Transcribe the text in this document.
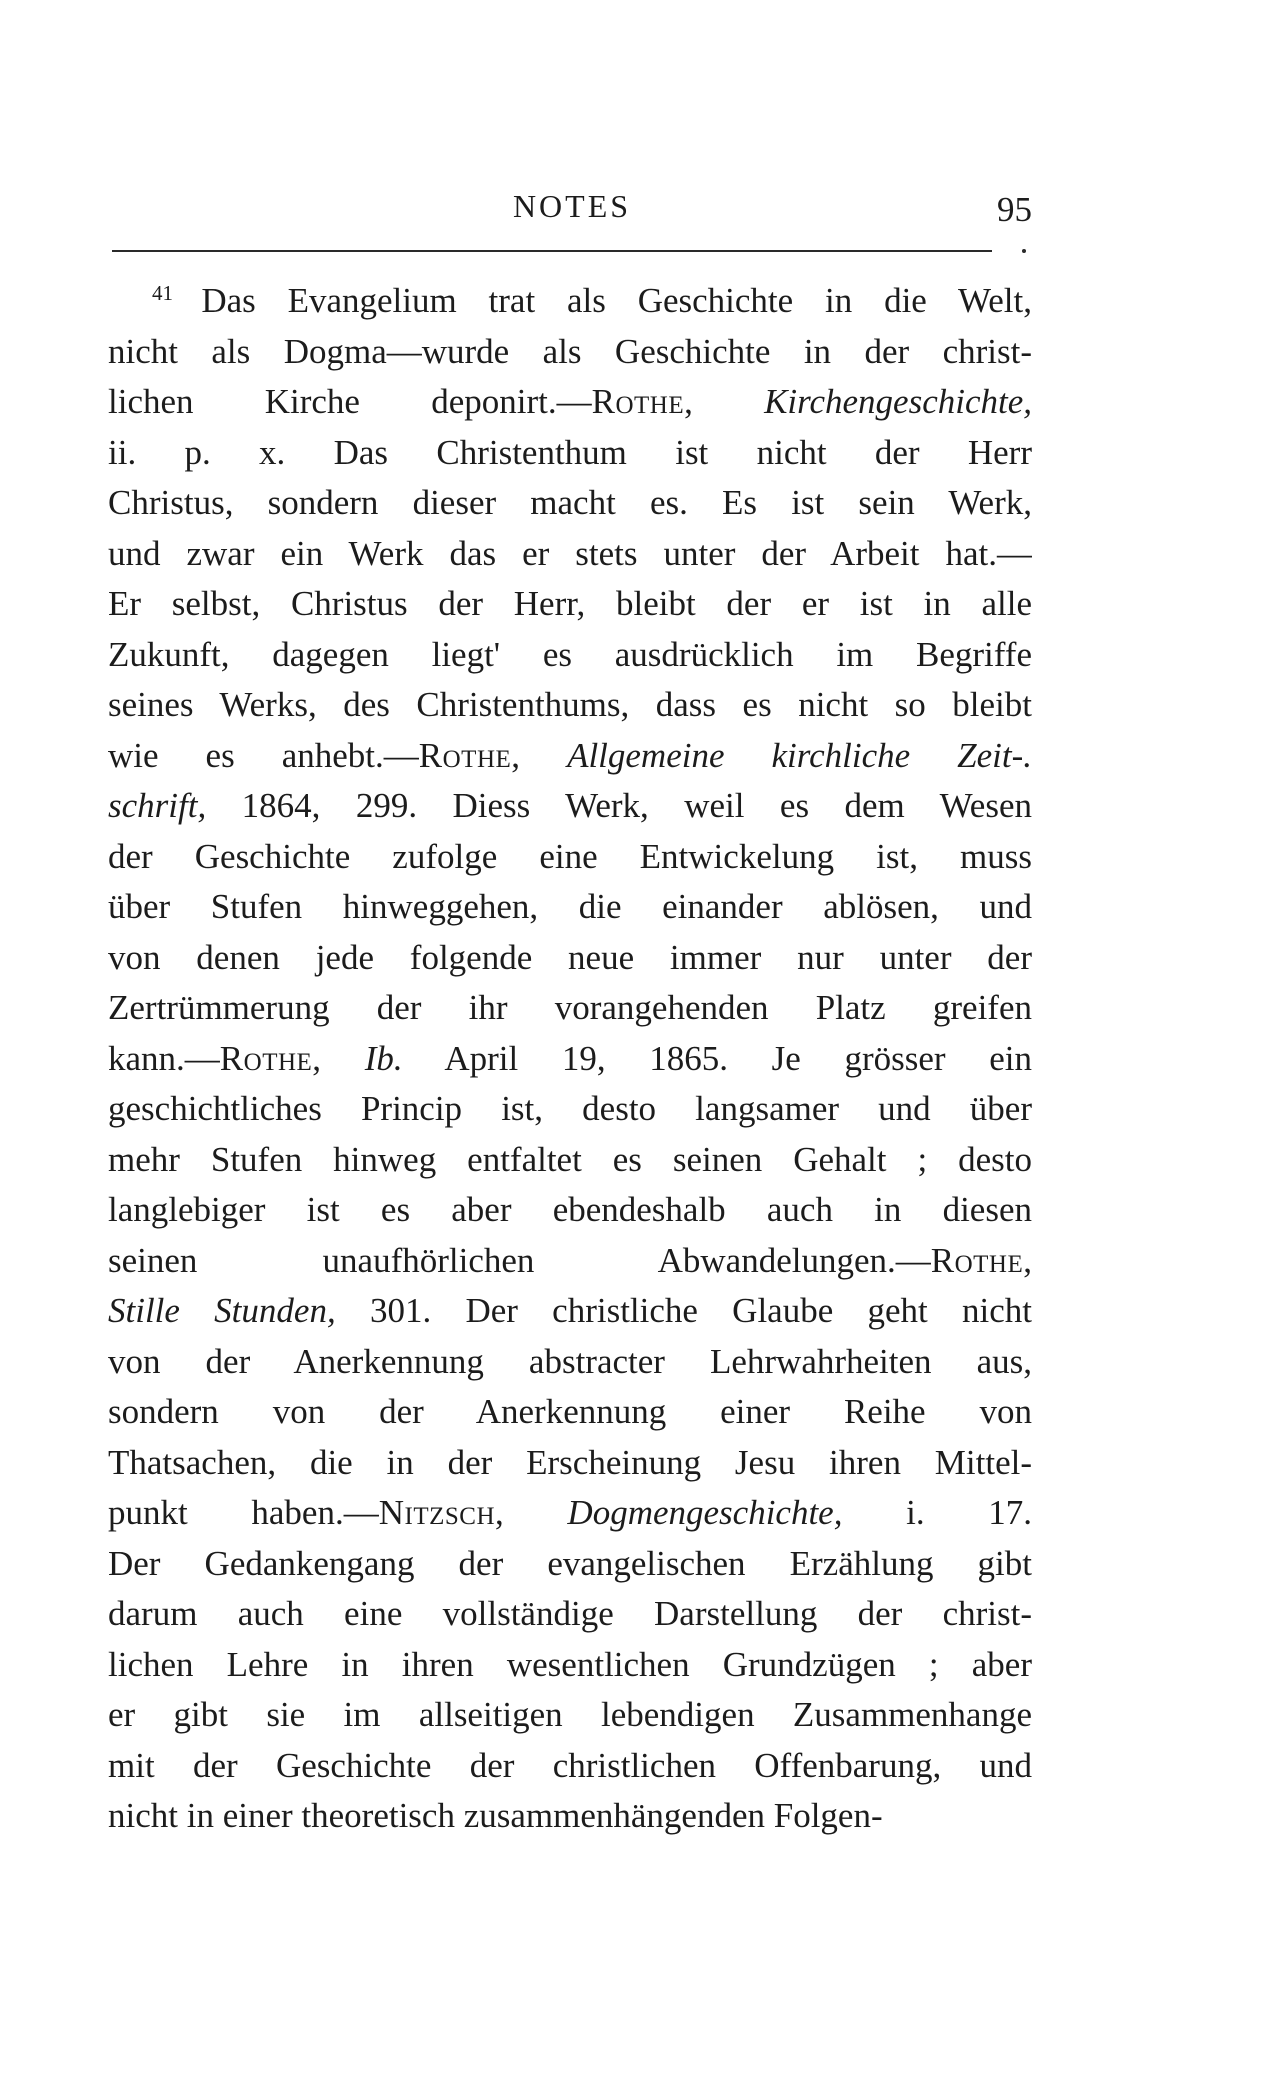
NOTES	95
$^{41}$ Das Evangelium trat als Geschichte in die Welt,
nicht als Dogma—wurde als Geschichte in der christ-
lichen Kirche deponirt.—Rothe, Kirchengeschichte,
ii. p. x. Das Christenthum ist nicht der Herr
Christus, sondern dieser macht es. Es ist sein Werk,
und zwar ein Werk das er stets unter der Arbeit hat.—
Er selbst, Christus der Herr, bleibt der er ist in alle
Zukunft, dagegen liegt' es ausdrücklich im Begriffe
seines Werks, des Christenthums, dass es nicht so bleibt
wie es anhebt.—Rothe, Allgemeine kirchliche Zeit-.
schrift, 1864, 299. Diess Werk, weil es dem Wesen
der Geschichte zufolge eine Entwickelung ist, muss
über Stufen hinweggehen, die einander ablösen, und
von denen jede folgende neue immer nur unter der
Zertrümmerung der ihr vorangehenden Platz greifen
kann.—Rothe, Ib. April 19, 1865. Je grösser ein
geschichtliches Princip ist, desto langsamer und über
mehr Stufen hinweg entfaltet es seinen Gehalt ; desto
langlebiger ist es aber ebendeshalb auch in diesen
seinen unaufhörlichen Abwandelungen.—Rothe,
Stille Stunden, 301. Der christliche Glaube geht nicht
von der Anerkennung abstracter Lehrwahrheiten aus,
sondern von der Anerkennung einer Reihe von
Thatsachen, die in der Erscheinung Jesu ihren Mittel-
punkt haben.—Nitzsch, Dogmengeschichte, i. 17.
Der Gedankengang der evangelischen Erzählung gibt
darum auch eine vollständige Darstellung der christ-
lichen Lehre in ihren wesentlichen Grundzügen ; aber
er gibt sie im allseitigen lebendigen Zusammenhange
mit der Geschichte der christlichen Offenbarung, und
nicht in einer theoretisch zusammenhängenden Folgen-
